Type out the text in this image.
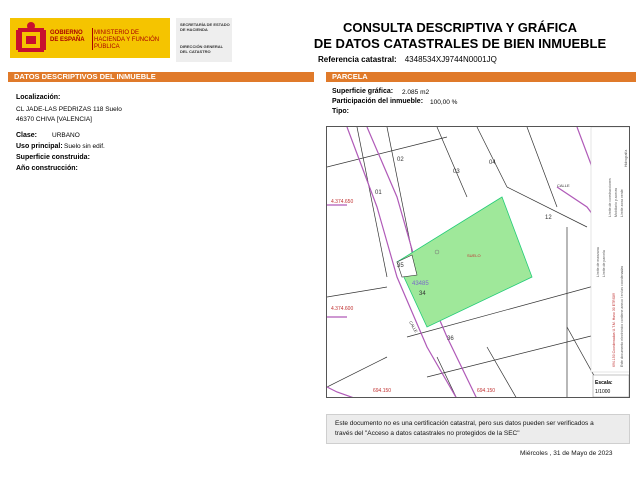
GOBIERNO DE ESPAÑA
MINISTERIO DE HACIENDA Y FUNCIÓN PÚBLICA
SECRETARÍA DE ESTADO DE HACIENDA
DIRECCIÓN GENERAL DEL CATASTRO
CONSULTA DESCRIPTIVA Y GRÁFICA
DE DATOS CATASTRALES DE BIEN INMUEBLE
Referencia catastral: 4348534XJ9744N0001JQ
DATOS DESCRIPTIVOS DEL INMUEBLE
Localización:
CL JADE-LAS PEDRIZAS 118 Suelo
46370 CHIVA [VALENCIA]
Clase: URBANO
Uso principal: Suelo sin edif.
Superficie construida:
Año construcción:
PARCELA
Superficie gráfica: 2.085 m2
Participación del inmueble: 100,00 %
Tipo:
01
02
03
04
12
34
36
35
SUELO
43485
4.374.650
4.374.600
694.150	694.150
CALLE
CALLE
Límite de manzana Límite de parcela
Límite de construcciones Mobiliario y aceras Límite zona verde
Hidrografía
694.150 Coordenadas U.T.M. Huso 30 ETRS89 Este documento electrónico contiene anexo l en las coordenadas
Escala:
1/1000
Este documento no es una certificación catastral, pero sus datos pueden ser verificados a
través del "Acceso a datos catastrales no protegidos de la SEC"
Miércoles , 31 de Mayo de 2023
